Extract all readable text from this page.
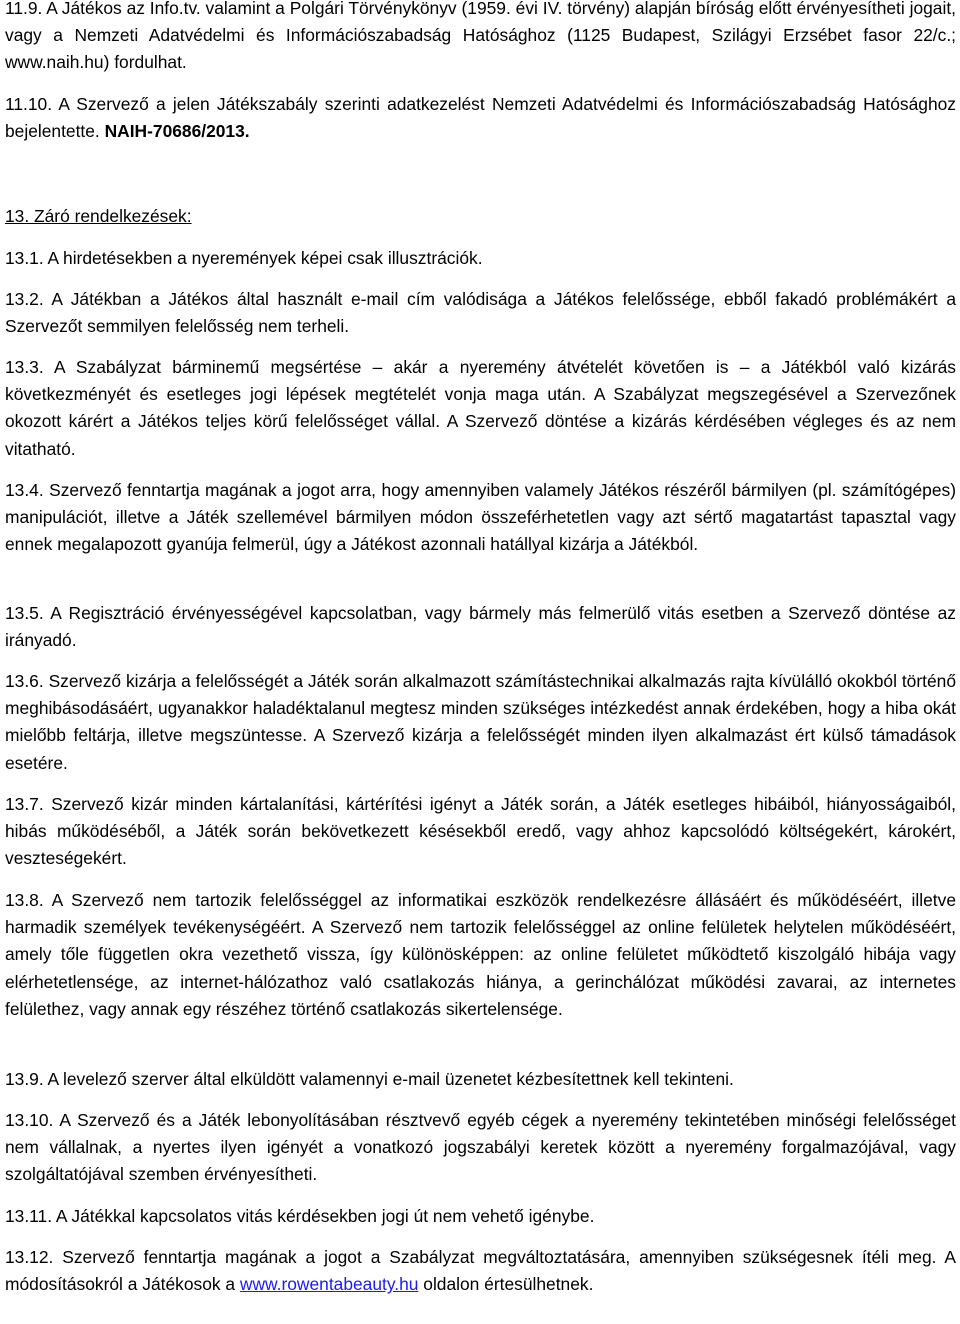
11.9. A Játékos az Info.tv. valamint a Polgári Törvénykönyv (1959. évi IV. törvény) alapján bíróság előtt érvényesítheti jogait, vagy a Nemzeti Adatvédelmi és Információszabadság Hatósághoz (1125 Budapest, Szilágyi Erzsébet fasor 22/c.; www.naih.hu) fordulhat.

11.10. A Szervező a jelen Játékszabály szerinti adatkezelést Nemzeti Adatvédelmi és Információszabadság Hatósághoz bejelentette. NAIH-70686/2013.

13. Záró rendelkezések:

13.1. A hirdetésekben a nyeremények képei csak illusztrációk.

13.2. A Játékban a Játékos által használt e-mail cím valódisága a Játékos felelőssége, ebből fakadó problémákért a Szervezőt semmilyen felelősség nem terheli.

13.3. A Szabályzat bárminemű megsértése – akár a nyeremény átvételét követően is – a Játékból való kizárás következményét és esetleges jogi lépések megtételét vonja maga után. A Szabályzat megszegésével a Szervezőnek okozott kárért a Játékos teljes körű felelősséget vállal. A Szervező döntése a kizárás kérdésében végleges és az nem vitatható.

13.4. Szervező fenntartja magának a jogot arra, hogy amennyiben valamely Játékos részéről bármilyen (pl. számítógépes) manipulációt, illetve a Játék szellemével bármilyen módon összeférhetetlen vagy azt sértő magatartást tapasztal vagy ennek megalapozott gyanúja felmerül, úgy a Játékost azonnali hatállyal kizárja a Játékból.

13.5. A Regisztráció érvényességével kapcsolatban, vagy bármely más felmerülő vitás esetben a Szervező döntése az irányadó.

13.6. Szervező kizárja a felelősségét a Játék során alkalmazott számítástechnikai alkalmazás rajta kívülálló okokból történő meghibásodásáért, ugyanakkor haladéktalanul megtesz minden szükséges intézkedést annak érdekében, hogy a hiba okát mielőbb feltárja, illetve megszüntesse. A Szervező kizárja a felelősségét minden ilyen alkalmazást ért külső támadások esetére.

13.7. Szervező kizár minden kártalanítási, kártérítési igényt a Játék során, a Játék esetleges hibáiból, hiányosságaiból, hibás működéséből, a Játék során bekövetkezett késésekből eredő, vagy ahhoz kapcsolódó költségekért, károkért, veszteségekért.

13.8. A Szervező nem tartozik felelősséggel az informatikai eszközök rendelkezésre állásáért és működéséért, illetve harmadik személyek tevékenységéért. A Szervező nem tartozik felelősséggel az online felületek helytelen működéséért, amely tőle független okra vezethető vissza, így különösképpen: az online felületet működtető kiszolgáló hibája vagy elérhetetlensége, az internet-hálózathoz való csatlakozás hiánya, a gerinchálózat működési zavarai, az internetes felülethez, vagy annak egy részéhez történő csatlakozás sikertelensége.

13.9. A levelező szerver által elküldött valamennyi e-mail üzenetet kézbesítettnek kell tekinteni.

13.10. A Szervező és a Játék lebonyolításában résztvevő egyéb cégek a nyeremény tekintetében minőségi felelősséget nem vállalnak, a nyertes ilyen igényét a vonatkozó jogszabályi keretek között a nyeremény forgalmazójával, vagy szolgáltatójával szemben érvényesítheti.

13.11. A Játékkal kapcsolatos vitás kérdésekben jogi út nem vehető igénybe.

13.12. Szervező fenntartja magának a jogot a Szabályzat megváltoztatására, amennyiben szükségesnek ítéli meg. A módosításokról a Játékosok a www.rowentabeauty.hu oldalon értesülhetnek.
